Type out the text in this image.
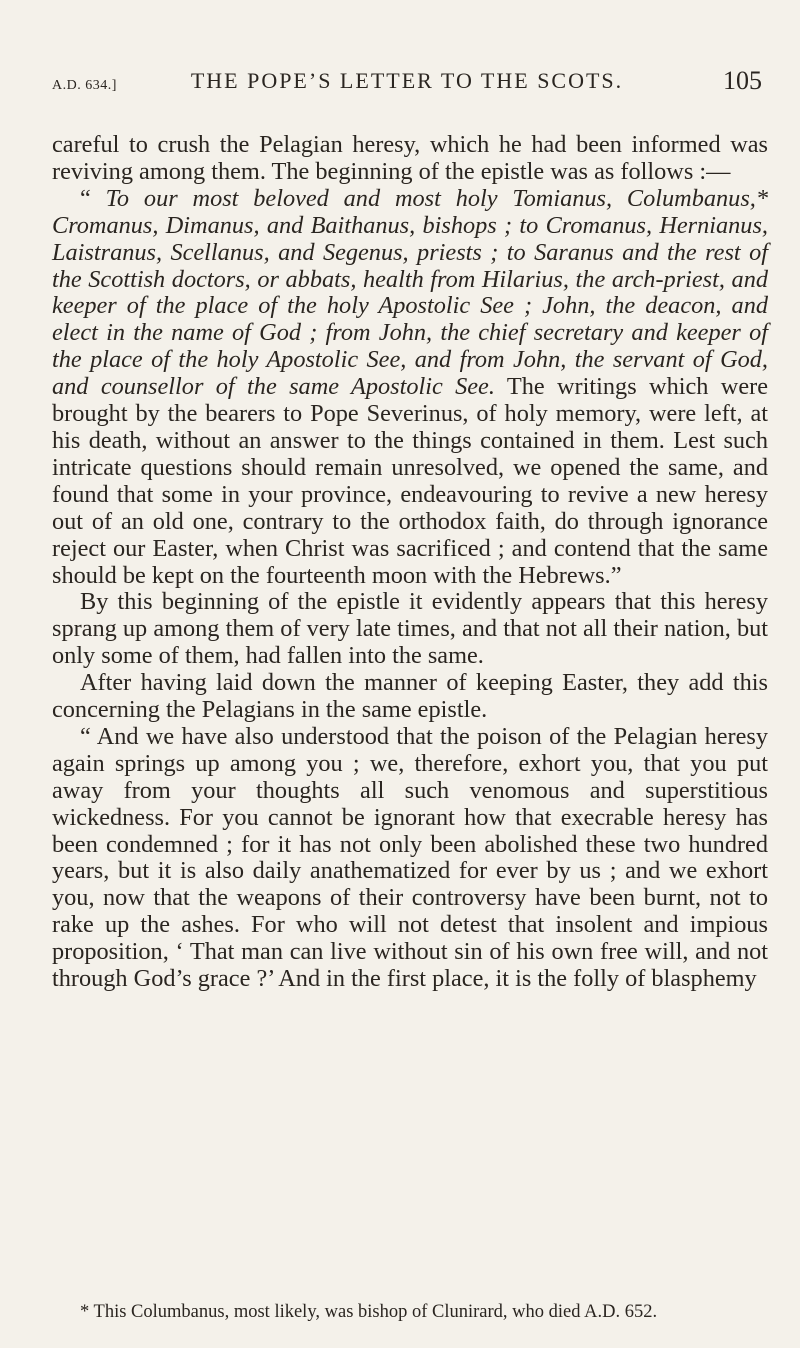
A.D. 634.]	THE POPE’S LETTER TO THE SCOTS.	105

careful to crush the Pelagian heresy, which he had been informed was reviving among them. The beginning of the epistle was as follows :—

“ To our most beloved and most holy Tomianus, Columbanus,* Cromanus, Dimanus, and Baithanus, bishops ; to Cromanus, Hernianus, Laistranus, Scellanus, and Segenus, priests ; to Saranus and the rest of the Scottish doctors, or abbats, health from Hilarius, the arch-priest, and keeper of the place of the holy Apostolic See ; John, the deacon, and elect in the name of God ; from John, the chief secretary and keeper of the place of the holy Apostolic See, and from John, the servant of God, and counsellor of the same Apostolic See. The writings which were brought by the bearers to Pope Severinus, of holy memory, were left, at his death, without an answer to the things contained in them. Lest such intricate questions should remain unresolved, we opened the same, and found that some in your province, endeavouring to revive a new heresy out of an old one, contrary to the orthodox faith, do through ignorance reject our Easter, when Christ was sacrificed ; and contend that the same should be kept on the fourteenth moon with the Hebrews.”

By this beginning of the epistle it evidently appears that this heresy sprang up among them of very late times, and that not all their nation, but only some of them, had fallen into the same.

After having laid down the manner of keeping Easter, they add this concerning the Pelagians in the same epistle.

“ And we have also understood that the poison of the Pelagian heresy again springs up among you ; we, therefore, exhort you, that you put away from your thoughts all such venomous and superstitious wickedness. For you cannot be ignorant how that execrable heresy has been condemned ; for it has not only been abolished these two hundred years, but it is also daily anathematized for ever by us ; and we exhort you, now that the weapons of their controversy have been burnt, not to rake up the ashes. For who will not detest that insolent and impious proposition, ‘ That man can live without sin of his own free will, and not through God’s grace ?’ And in the first place, it is the folly of blasphemy

* This Columbanus, most likely, was bishop of Clunirard, who died A.D. 652.
